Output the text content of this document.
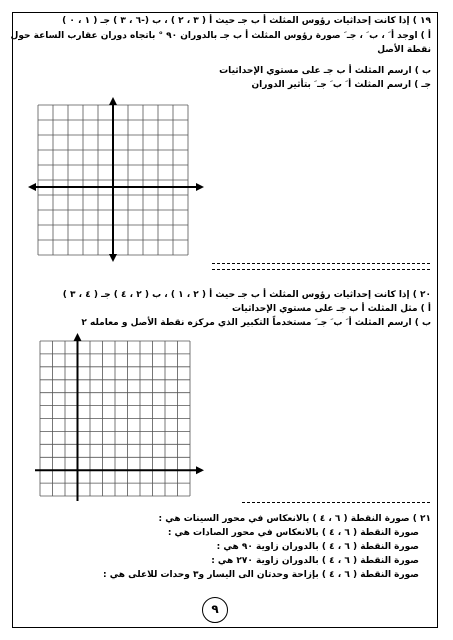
١٩ ) إذا كانت إحداثيات رؤوس المثلث أ ب جـ حيث أ ( ٣ ، ٢ ) ، ب (-٦ ، ٣ ) جـ ( ١ ، ٠ )
أ ) اوجد أ َ ، ب َ ، جـ َ صورة رؤوس المثلث أ ب جـ بالدوران ٩٠ ° باتجاه دوران عقارب الساعة حول
نقطة الأصل
ب ) ارسم المثلث أ ب جـ على مستوي الإحداثيات
جـ ) ارسم المثلث أ َ ب َ جـ َ بتأثير الدوران
٢٠ ) إذا كانت إحداثيات رؤوس المثلث أ ب جـ حيث أ ( ٢ ، ١ ) ، ب ( ٢ ، ٤ ) جـ ( ٤ ، ٣ )
أ ) مثل المثلث أ ب جـ على مستوي الإحداثيات
ب ) ارسم المثلث أ َ ب َ جـ َ مستخدماً التكبير الذي مركزه نقطة الأصل و معامله ٢
٢١ ) صورة النقطة ( ٦ ، ٤ ) بالانعكاس في محور السينات هي :
صورة النقطة ( ٦ ، ٤ ) بالانعكاس في محور الصادات هي :
صورة النقطة ( ٦ ، ٤ ) بالدوران زاوية ٩٠ هي :
صورة النقطة ( ٦ ، ٤ ) بالدوران زاوية ٢٧٠ هي :
صورة النقطة ( ٦ ، ٤ ) بإزاحة وحدتان الى اليسار و٣ وحدات للاعلى هي :
٩
